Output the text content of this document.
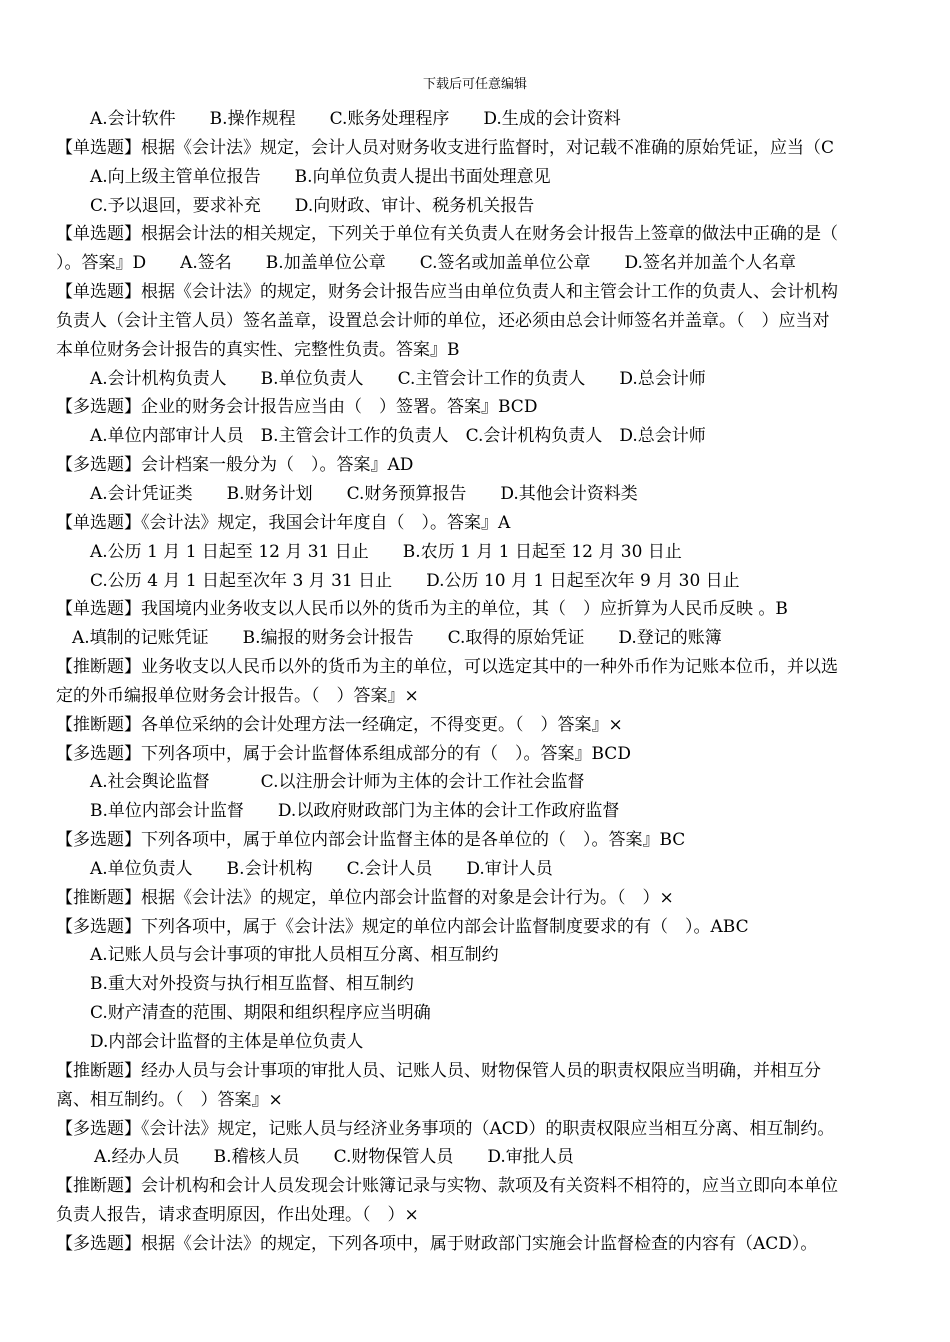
下载后可任意编辑
A.会计软件　　B.操作规程　　C.账务处理程序　　D.生成的会计资料
【单选题】根据《会计法》规定，会计人员对财务收支进行监督时，对记载不准确的原始凭证，应当（C
A.向上级主管单位报告　　B.向单位负责人提出书面处理意见
C.予以退回，要求补充　　D.向财政、审计、税务机关报告
【单选题】根据会计法的相关规定，下列关于单位有关负责人在财务会计报告上签章的做法中正确的是（
）。答案』D　　A.签名　　B.加盖单位公章　　C.签名或加盖单位公章　　D.签名并加盖个人名章
【单选题】根据《会计法》的规定，财务会计报告应当由单位负责人和主管会计工作的负责人、会计机构
负责人（会计主管人员）签名盖章，设置总会计师的单位，还必须由总会计师签名并盖章。（　）应当对
本单位财务会计报告的真实性、完整性负责。答案』B
A.会计机构负责人　　B.单位负责人　　C.主管会计工作的负责人　　D.总会计师
【多选题】企业的财务会计报告应当由（　）签署。答案』BCD
A.单位内部审计人员　B.主管会计工作的负责人　C.会计机构负责人　D.总会计师
【多选题】会计档案一般分为（　）。答案』AD
A.会计凭证类　　B.财务计划　　C.财务预算报告　　D.其他会计资料类
【单选题】《会计法》规定，我国会计年度自（　）。答案』A
A.公历 1 月 1 日起至 12 月 31 日止　　B.农历 1 月 1 日起至 12 月 30 日止
C.公历 4 月 1 日起至次年 3 月 31 日止　　D.公历 10 月 1 日起至次年 9 月 30 日止
【单选题】我国境内业务收支以人民币以外的货币为主的单位，其（　）应折算为人民币反映 。B
A.填制的记账凭证　　B.编报的财务会计报告　　C.取得的原始凭证　　D.登记的账簿
【推断题】业务收支以人民币以外的货币为主的单位，可以选定其中的一种外币作为记账本位币，并以选
定的外币编报单位财务会计报告。（　）答案』×
【推断题】各单位采纳的会计处理方法一经确定，不得变更。（　）答案』×
【多选题】下列各项中，属于会计监督体系组成部分的有（　）。答案』BCD
A.社会舆论监督　　　C.以注册会计师为主体的会计工作社会监督
B.单位内部会计监督　　D.以政府财政部门为主体的会计工作政府监督
【多选题】下列各项中，属于单位内部会计监督主体的是各单位的（　）。答案』BC
A.单位负责人　　B.会计机构　　C.会计人员　　D.审计人员
【推断题】根据《会计法》的规定，单位内部会计监督的对象是会计行为。（　）×
【多选题】下列各项中，属于《会计法》规定的单位内部会计监督制度要求的有（　）。ABC
A.记账人员与会计事项的审批人员相互分离、相互制约
B.重大对外投资与执行相互监督、相互制约
C.财产清查的范围、期限和组织程序应当明确
D.内部会计监督的主体是单位负责人
【推断题】经办人员与会计事项的审批人员、记账人员、财物保管人员的职责权限应当明确，并相互分
离、相互制约。（　）答案』×
【多选题】《会计法》规定，记账人员与经济业务事项的（ACD）的职责权限应当相互分离、相互制约。
A.经办人员　　B.稽核人员　　C.财物保管人员　　D.审批人员
【推断题】会计机构和会计人员发现会计账簿记录与实物、款项及有关资料不相符的，应当立即向本单位
负责人报告，请求查明原因，作出处理。（　）×
【多选题】根据《会计法》的规定，下列各项中，属于财政部门实施会计监督检查的内容有（ACD）。
